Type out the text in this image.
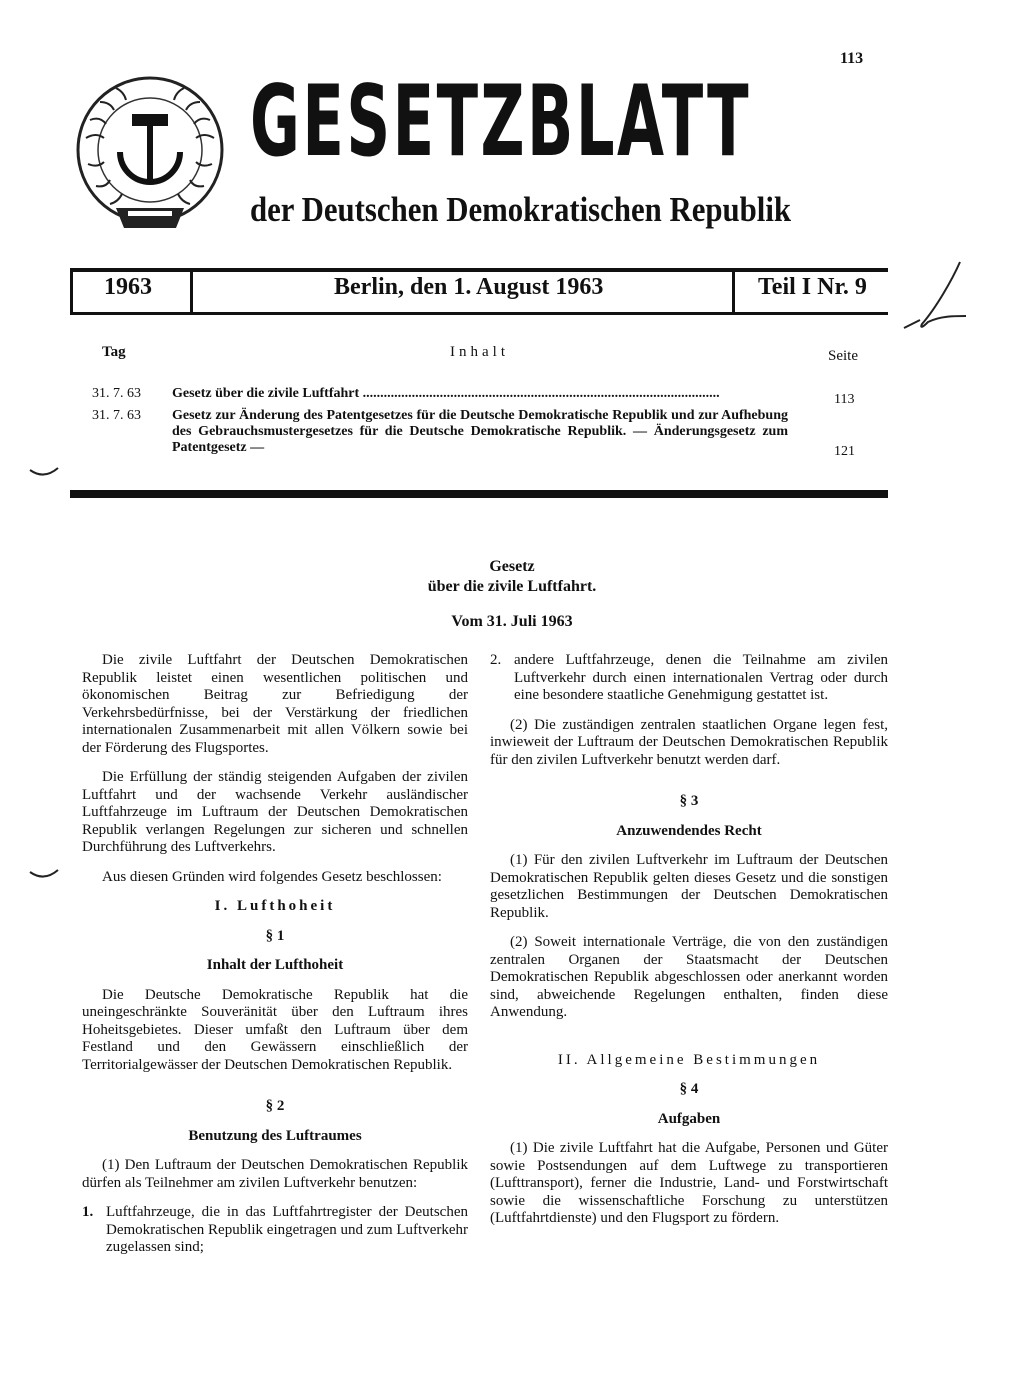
113
GESETZBLATT
der Deutschen Demokratischen Republik
1963	Berlin, den 1. August 1963	Teil I Nr. 9
Tag	Inhalt	Seite
31. 7. 63 Gesetz über die zivile Luftfahrt ......................................................................................................	113
31. 7. 63 Gesetz zur Änderung des Patentgesetzes für die Deutsche Demokratische Republik und zur Aufhebung des Gebrauchsmustergesetzes für die Deutsche Demokratische Republik. — Änderungsgesetz zum Patentgesetz —	121
Gesetz
über die zivile Luftfahrt.
Vom 31. Juli 1963

Die zivile Luftfahrt der Deutschen Demokratischen Republik leistet einen wesentlichen politischen und ökonomischen Beitrag zur Befriedigung der Verkehrsbedürfnisse, bei der Verstärkung der friedlichen internationalen Zusammenarbeit mit allen Völkern sowie bei der Förderung des Flugsportes.

Die Erfüllung der ständig steigenden Aufgaben der zivilen Luftfahrt und der wachsende Verkehr ausländischer Luftfahrzeuge im Luftraum der Deutschen Demokratischen Republik verlangen Regelungen zur sicheren und schnellen Durchführung des Luftverkehrs.

Aus diesen Gründen wird folgendes Gesetz beschlossen:

I. Lufthoheit

§ 1

Inhalt der Lufthoheit

Die Deutsche Demokratische Republik hat die uneingeschränkte Souveränität über den Luftraum ihres Hoheitsgebietes. Dieser umfaßt den Luftraum über dem Festland und den Gewässern einschließlich der Territorialgewässer der Deutschen Demokratischen Republik.

§ 2

Benutzung des Luftraumes

(1) Den Luftraum der Deutschen Demokratischen Republik dürfen als Teilnehmer am zivilen Luftverkehr benutzen:

1. Luftfahrzeuge, die in das Luftfahrtregister der Deutschen Demokratischen Republik eingetragen und zum Luftverkehr zugelassen sind;
2. andere Luftfahrzeuge, denen die Teilnahme am zivilen Luftverkehr durch einen internationalen Vertrag oder durch eine besondere staatliche Genehmigung gestattet ist.

(2) Die zuständigen zentralen staatlichen Organe legen fest, inwieweit der Luftraum der Deutschen Demokratischen Republik für den zivilen Luftverkehr benutzt werden darf.

§ 3

Anzuwendendes Recht

(1) Für den zivilen Luftverkehr im Luftraum der Deutschen Demokratischen Republik gelten dieses Gesetz und die sonstigen gesetzlichen Bestimmungen der Deutschen Demokratischen Republik.

(2) Soweit internationale Verträge, die von den zuständigen zentralen Organen der Staatsmacht der Deutschen Demokratischen Republik abgeschlossen oder anerkannt worden sind, abweichende Regelungen enthalten, finden diese Anwendung.

II. Allgemeine Bestimmungen

§ 4

Aufgaben

(1) Die zivile Luftfahrt hat die Aufgabe, Personen und Güter sowie Postsendungen auf dem Luftwege zu transportieren (Lufttransport), ferner die Industrie, Land- und Forstwirtschaft sowie die wissenschaftliche Forschung zu unterstützen (Luftfahrtdienste) und den Flugsport zu fördern.
